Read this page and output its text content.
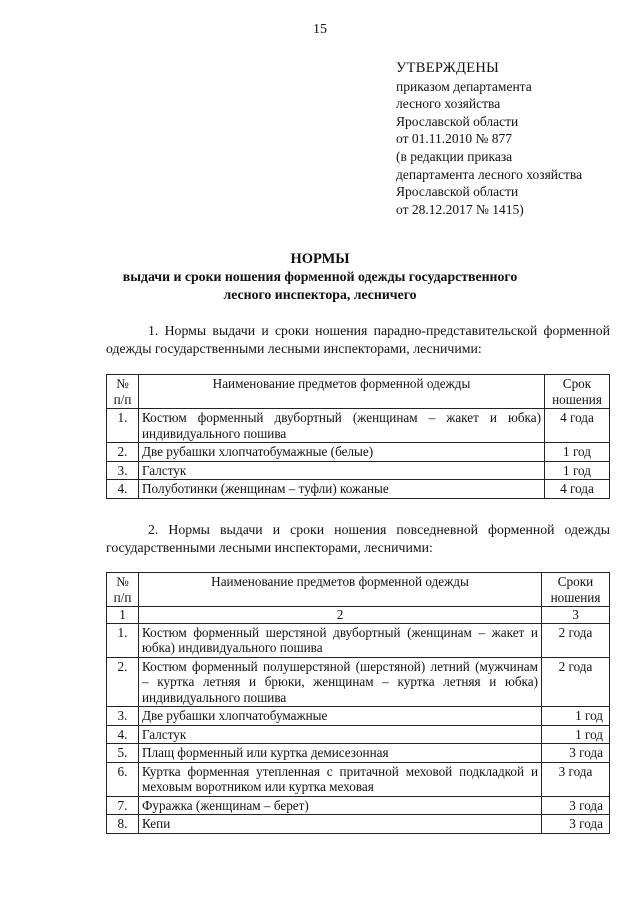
15
УТВЕРЖДЕНЫ
приказом департамента
лесного хозяйства
Ярославской области
от 01.11.2010 № 877
(в редакции приказа
департамента лесного хозяйства
Ярославской области
от 28.12.2017 № 1415)
НОРМЫ
выдачи и сроки ношения форменной одежды государственного
лесного инспектора, лесничего
1. Нормы выдачи и сроки ношения парадно-представительской форменной одежды государственными лесными инспекторами, лесничими:
№ п/п	Наименование предметов форменной одежды	Срок ношения
1.	Костюм форменный двубортный (женщинам – жакет и юбка) индивидуального пошива	4 года
2.	Две рубашки хлопчатобумажные (белые)	1 год
3.	Галстук	1 год
4.	Полуботинки (женщинам – туфли) кожаные	4 года
2. Нормы выдачи и сроки ношения повседневной форменной одежды государственными лесными инспекторами, лесничими:
№ п/п	Наименование предметов форменной одежды	Сроки ношения
1	2	3
1.	Костюм форменный шерстяной двубортный (женщинам – жакет и юбка) индивидуального пошива	2 года
2.	Костюм форменный полушерстяной (шерстяной) летний (мужчинам – куртка летняя и брюки, женщинам – куртка летняя и юбка) индивидуального пошива	2 года
3.	Две рубашки хлопчатобумажные	1 год
4.	Галстук	1 год
5.	Плащ форменный или куртка демисезонная	3 года
6.	Куртка форменная утепленная с притачной меховой подкладкой и меховым воротником или куртка меховая	3 года
7.	Фуражка (женщинам – берет)	3 года
8.	Кепи	3 года
